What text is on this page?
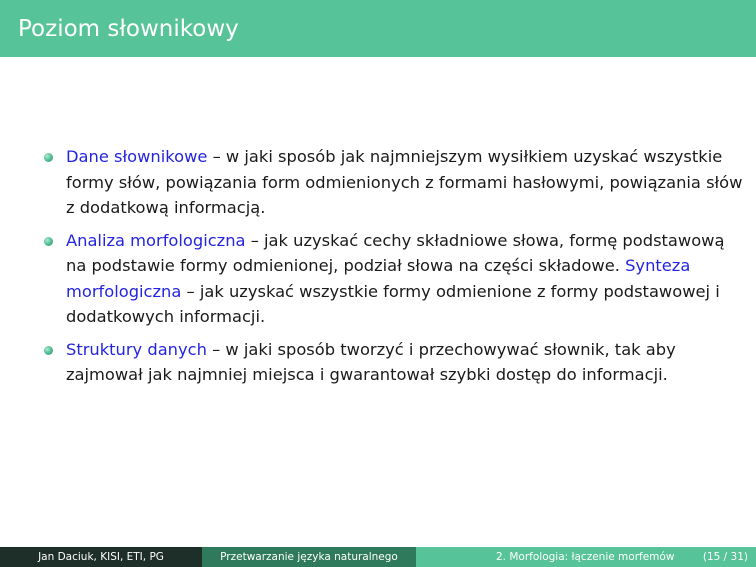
Poziom słownikowy
Dane słownikowe – w jaki sposób jak najmniejszym wysiłkiem uzyskać wszystkie formy słów, powiązania form odmienionych z formami hasłowymi, powiązania słów z dodatkową informacją.
Analiza morfologiczna – jak uzyskać cechy składniowe słowa, formę podstawową na podstawie formy odmienionej, podział słowa na części składowe. Synteza morfologiczna – jak uzyskać wszystkie formy odmienione z formy podstawowej i dodatkowych informacji.
Struktury danych – w jaki sposób tworzyć i przechowywać słownik, tak aby zajmował jak najmniej miejsca i gwarantował szybki dostęp do informacji.
Jan Daciuk, KISI, ETI, PG	Przetwarzanie języka naturalnego	2. Morfologia: łączenie morfemów	(15 / 31)
